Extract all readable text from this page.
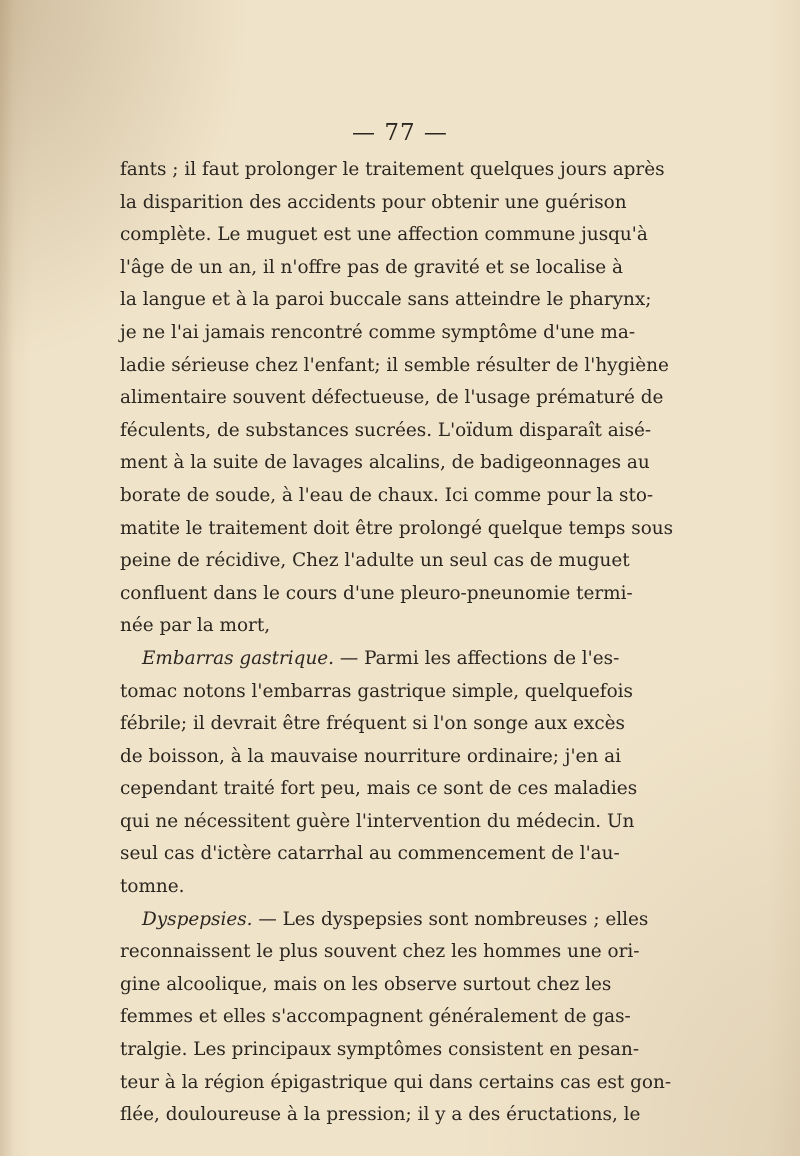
— 77 —
fants ; il faut prolonger le traitement quelques jours après
la disparition des accidents pour obtenir une guérison
complète. Le muguet est une affection commune jusqu'à
l'âge de un an, il n'offre pas de gravité et se localise à
la langue et à la paroi buccale sans atteindre le pharynx;
je ne l'ai jamais rencontré comme symptôme d'une ma-
ladie sérieuse chez l'enfant; il semble résulter de l'hygiène
alimentaire souvent défectueuse, de l'usage prématuré de
féculents, de substances sucrées. L'oïdum disparaît aisé-
ment à la suite de lavages alcalins, de badigeonnages au
borate de soude, à l'eau de chaux. Ici comme pour la sto-
matite le traitement doit être prolongé quelque temps sous
peine de récidive, Chez l'adulte un seul cas de muguet
confluent dans le cours d'une pleuro-pneunomie termi-
née par la mort,
Embarras gastrique. — Parmi les affections de l'es-
tomac notons l'embarras gastrique simple, quelquefois
fébrile; il devrait être fréquent si l'on songe aux excès
de boisson, à la mauvaise nourriture ordinaire; j'en ai
cependant traité fort peu, mais ce sont de ces maladies
qui ne nécessitent guère l'intervention du médecin. Un
seul cas d'ictère catarrhal au commencement de l'au-
tomne.
Dyspepsies. — Les dyspepsies sont nombreuses ; elles
reconnaissent le plus souvent chez les hommes une ori-
gine alcoolique, mais on les observe surtout chez les
femmes et elles s'accompagnent généralement de gas-
tralgie. Les principaux symptômes consistent en pesan-
teur à la région épigastrique qui dans certains cas est gon-
flée, douloureuse à la pression; il y a des éructations, le
